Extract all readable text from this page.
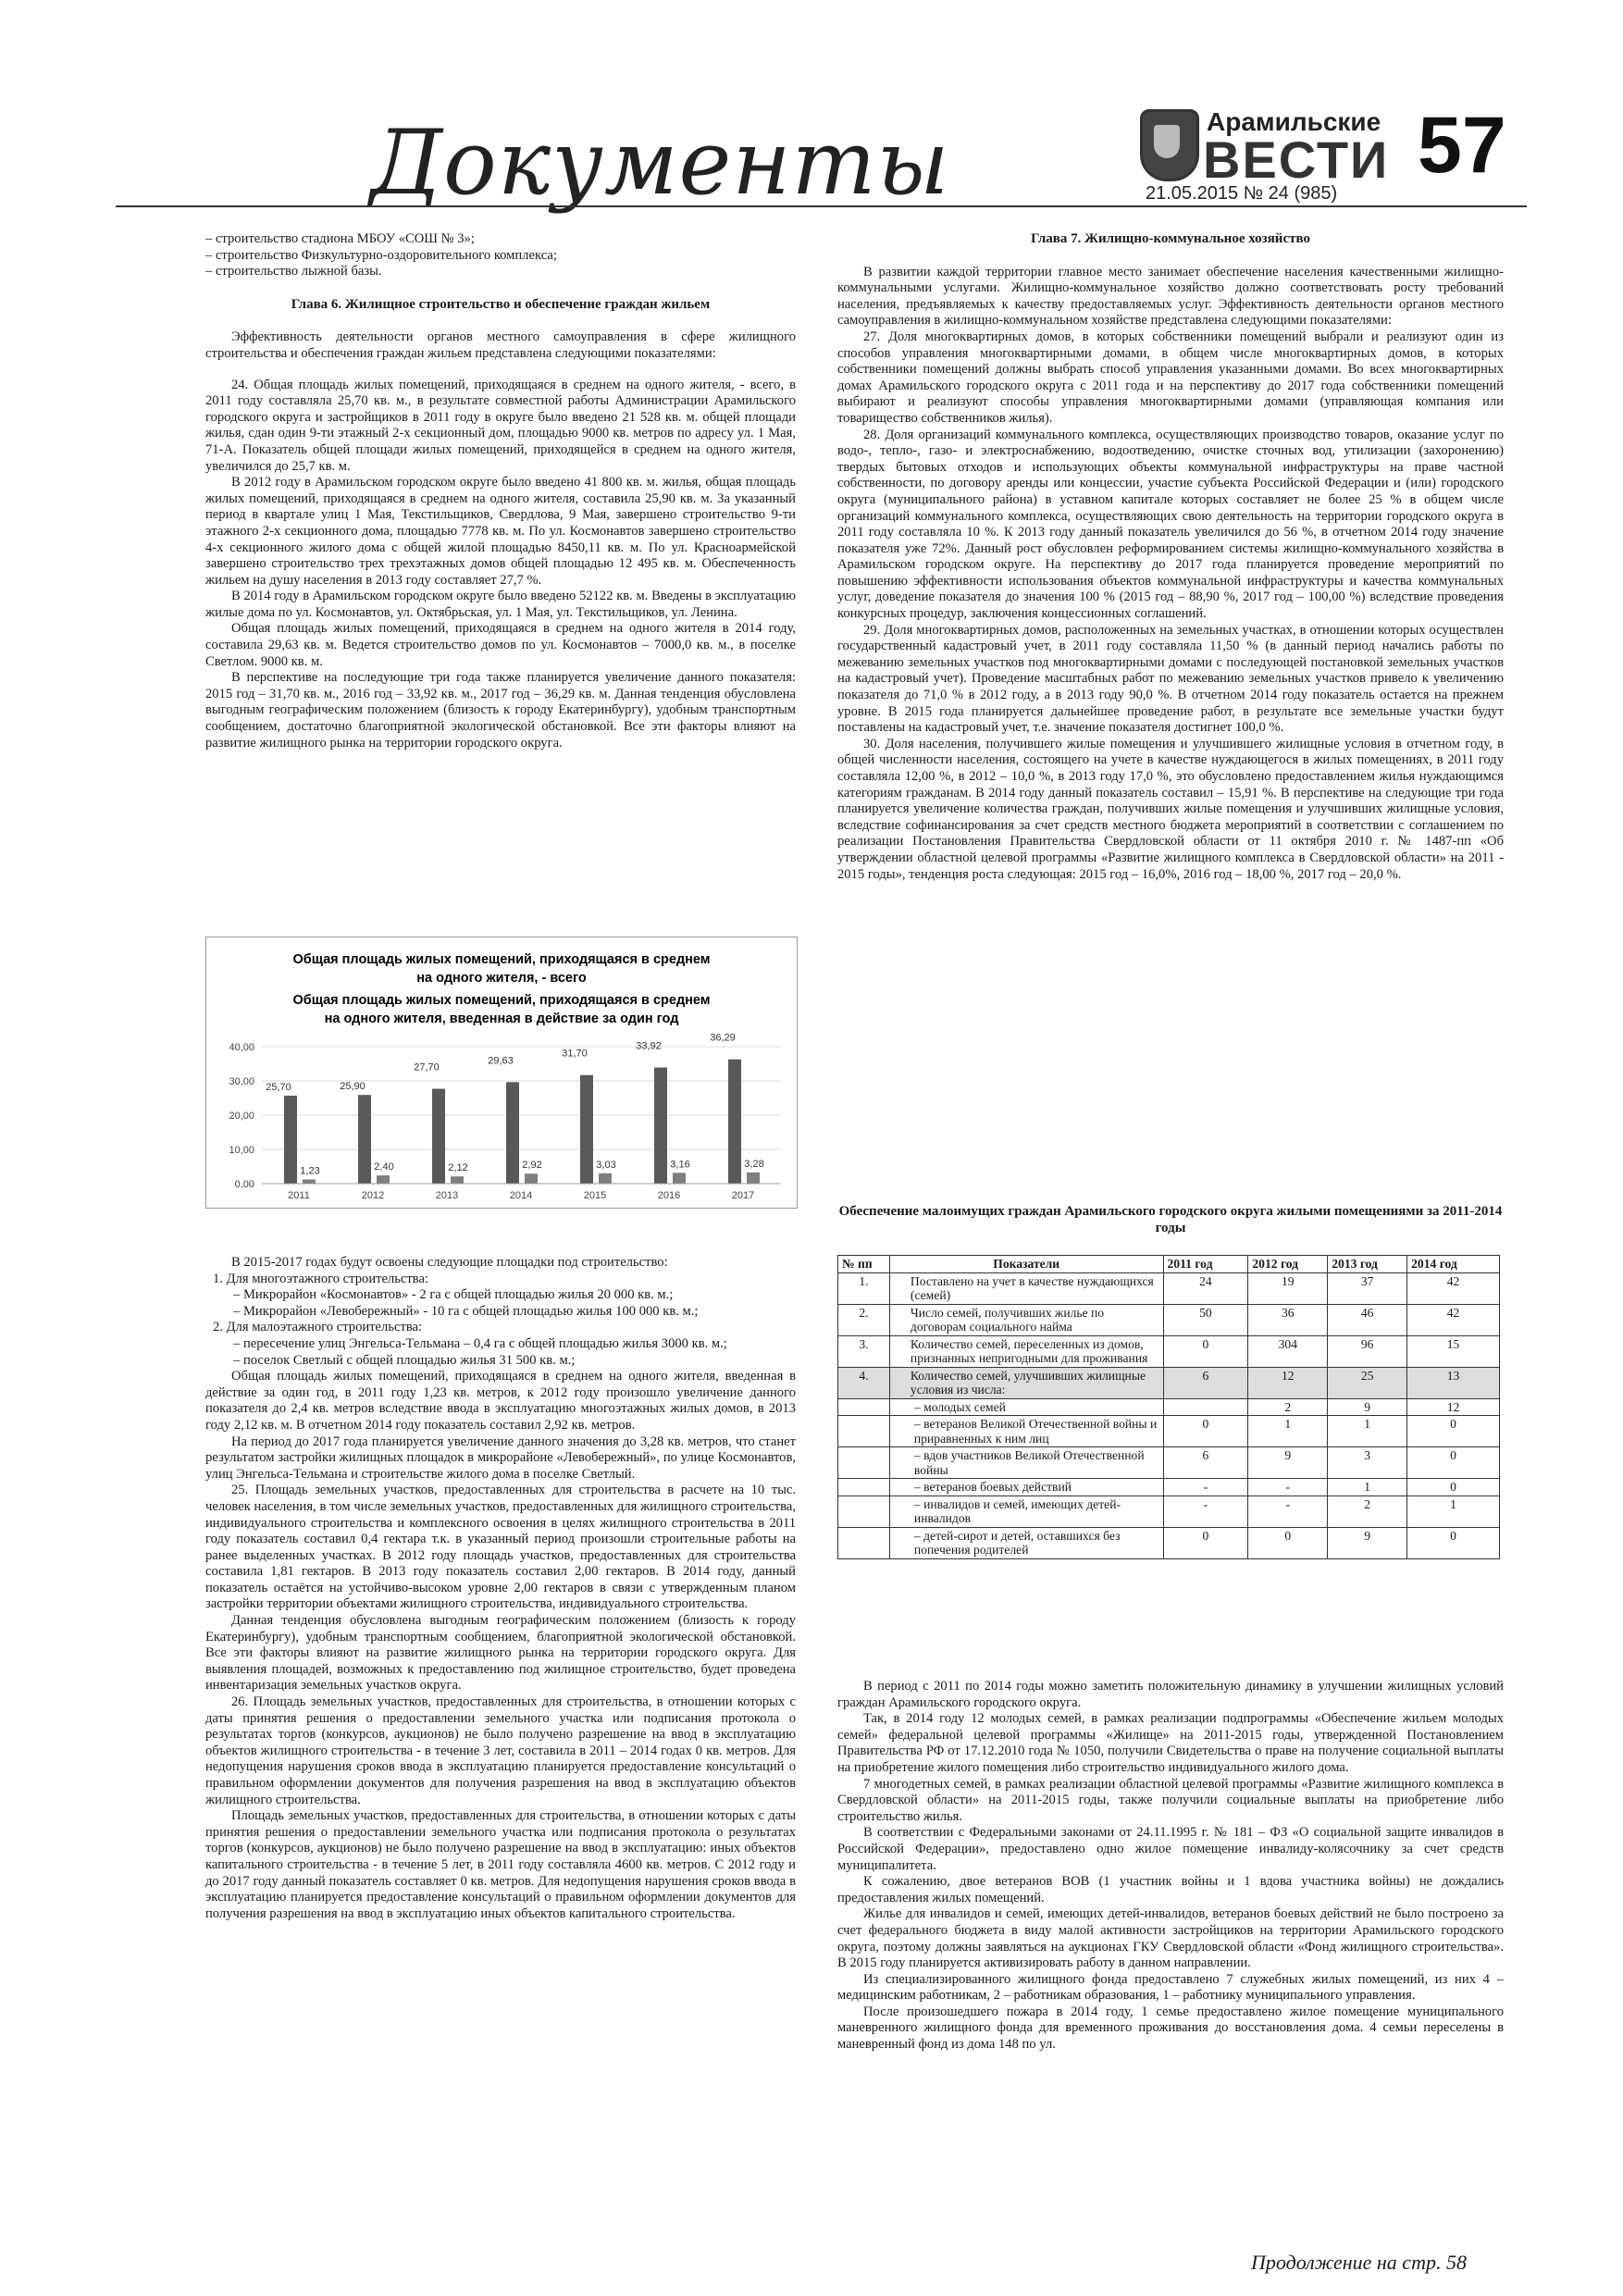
Документы	Арамильские
ВЕСТИ
21.05.2015 № 24 (985)
57

– строительство стадиона МБОУ «СОШ № 3»;

– строительство Физкультурно-оздоровительного комплекса;

– строительство лыжной базы.

Глава 6. Жилищное строительство и обеспечение граждан жильем

Эффективность деятельности органов местного самоуправления в сфере жилищного строительства и обеспечения граждан жильем представлена следующими показателями:

24. Общая площадь жилых помещений, приходящаяся в среднем на одного жителя, - всего, в 2011 году составляла 25,70 кв. м., в результате совместной работы Администрации Арамильского городского округа и застройщиков в 2011 году в округе было введено 21 528 кв. м. общей площади жилья, сдан один 9-ти этажный 2-х секционный дом, площадью 9000 кв. метров по адресу ул. 1 Мая, 71-А. Показатель общей площади жилых помещений, приходящейся в среднем на одного жителя, увеличился до 25,7 кв. м.

В 2012 году в Арамильском городском округе было введено 41 800 кв. м. жилья, общая площадь жилых помещений, приходящаяся в среднем на одного жителя, составила 25,90 кв. м. За указанный период в квартале улиц 1 Мая, Текстильщиков, Свердлова, 9 Мая, завершено строительство 9-ти этажного 2-х секционного дома, площадью 7778 кв. м. По ул. Космонавтов завершено строительство 4-х секционного жилого дома с общей жилой площадью 8450,11 кв. м. По ул. Красноармейской завершено строительство трех трехэтажных домов общей площадью 12 495 кв. м. Обеспеченность жильем на душу населения в 2013 году составляет 27,7 %.

В 2014 году в Арамильском городском округе было введено 52122 кв. м. Введены в эксплуатацию жилые дома по ул. Космонавтов, ул. Октябрьская, ул. 1 Мая, ул. Текстильщиков, ул. Ленина.

Общая площадь жилых помещений, приходящаяся в среднем на одного жителя в 2014 году, составила 29,63 кв. м. Ведется строительство домов по ул. Космонавтов – 7000,0 кв. м., в поселке Светлом. 9000 кв. м.

В перспективе на последующие три года также планируется увеличение данного показателя: 2015 год – 31,70 кв. м., 2016 год – 33,92 кв. м., 2017 год – 36,29 кв. м. Данная тенденция обусловлена выгодным географическим положением (близость к городу Екатеринбургу), удобным транспортным сообщением, достаточно благоприятной экологической обстановкой. Все эти факторы влияют на развитие жилищного рынка на территории городского округа.

Общая площадь жилых помещений, приходящаяся в среднем на одного жителя, - всего
Общая площадь жилых помещений, приходящаяся в среднем на одного жителя, введенная в действие за один год
0,00
10,00
20,00
30,00
40,00
2011
25,70
1,23
2012
25,90
2,40
2013
27,70
2,12
2014
29,63
2,92
2015
31,70
3,03
2016
33,92
3,16
2017
36,29
3,28

В 2015-2017 годах будут освоены следующие площадки под строительство:

1. Для многоэтажного строительства:

– Микрорайон «Космонавтов» - 2 га с общей площадью жилья 20 000 кв. м.;

– Микрорайон «Левобережный» - 10 га с общей площадью жилья 100 000 кв. м.;

2. Для малоэтажного строительства:

– пересечение улиц Энгельса-Тельмана – 0,4 га с общей площадью жилья 3000 кв. м.;

– поселок Светлый с общей площадью жилья 31 500 кв. м.;

Общая площадь жилых помещений, приходящаяся в среднем на одного жителя, введенная в действие за один год, в 2011 году 1,23 кв. метров, к 2012 году произошло увеличение данного показателя до 2,4 кв. метров вследствие ввода в эксплуатацию многоэтажных жилых домов, в 2013 году 2,12 кв. м. В отчетном 2014 году показатель составил 2,92 кв. метров.

На период до 2017 года планируется увеличение данного значения до 3,28 кв. метров, что станет результатом застройки жилищных площадок в микрорайоне «Левобережный», по улице Космонавтов, улиц Энгельса-Тельмана и строительстве жилого дома в поселке Светлый.

25. Площадь земельных участков, предоставленных для строительства в расчете на 10 тыс. человек населения, в том числе земельных участков, предоставленных для жилищного строительства, индивидуального строительства и комплексного освоения в целях жилищного строительства в 2011 году показатель составил 0,4 гектара т.к. в указанный период произошли строительные работы на ранее выделенных участках. В 2012 году площадь участков, предоставленных для строительства составила 1,81 гектаров. В 2013 году показатель составил 2,00 гектаров. В 2014 году, данный показатель остаётся на устойчиво-высоком уровне 2,00 гектаров в связи с утвержденным планом застройки территории объектами жилищного строительства, индивидуального строительства.

Данная тенденция обусловлена выгодным географическим положением (близость к городу Екатеринбургу), удобным транспортным сообщением, благоприятной экологической обстановкой. Все эти факторы влияют на развитие жилищного рынка на территории городского округа. Для выявления площадей, возможных к предоставлению под жилищное строительство, будет проведена инвентаризация земельных участков округа.

26. Площадь земельных участков, предоставленных для строительства, в отношении которых с даты принятия решения о предоставлении земельного участка или подписания протокола о результатах торгов (конкурсов, аукционов) не было получено разрешение на ввод в эксплуатацию объектов жилищного строительства - в течение 3 лет, составила в 2011 – 2014 годах 0 кв. метров. Для недопущения нарушения сроков ввода в эксплуатацию планируется предоставление консультаций о правильном оформлении документов для получения разрешения на ввод в эксплуатацию объектов жилищного строительства.

Площадь земельных участков, предоставленных для строительства, в отношении которых с даты принятия решения о предоставлении земельного участка или подписания протокола о результатах торгов (конкурсов, аукционов) не было получено разрешение на ввод в эксплуатацию: иных объектов капитального строительства - в течение 5 лет, в 2011 году составляла 4600 кв. метров. С 2012 году и до 2017 году данный показатель составляет 0 кв. метров. Для недопущения нарушения сроков ввода в эксплуатацию планируется предоставление консультаций о правильном оформлении документов для получения разрешения на ввод в эксплуатацию иных объектов капитального строительства.

Глава 7. Жилищно-коммунальное хозяйство

В развитии каждой территории главное место занимает обеспечение населения качественными жилищно-коммунальными услугами. Жилищно-коммунальное хозяйство должно соответствовать росту требований населения, предъявляемых к качеству предоставляемых услуг. Эффективность деятельности органов местного самоуправления в жилищно-коммунальном хозяйстве представлена следующими показателями:

27. Доля многоквартирных домов, в которых собственники помещений выбрали и реализуют один из способов управления многоквартирными домами, в общем числе многоквартирных домов, в которых собственники помещений должны выбрать способ управления указанными домами. Во всех многоквартирных домах Арамильского городского округа с 2011 года и на перспективу до 2017 года собственники помещений выбирают и реализуют способы управления многоквартирными домами (управляющая компания или товарищество собственников жилья).

28. Доля организаций коммунального комплекса, осуществляющих производство товаров, оказание услуг по водо-, тепло-, газо- и электроснабжению, водоотведению, очистке сточных вод, утилизации (захоронению) твердых бытовых отходов и использующих объекты коммунальной инфраструктуры на праве частной собственности, по договору аренды или концессии, участие субъекта Российской Федерации и (или) городского округа (муниципального района) в уставном капитале которых составляет не более 25 % в общем числе организаций коммунального комплекса, осуществляющих свою деятельность на территории городского округа в 2011 году составляла 10 %. К 2013 году данный показатель увеличился до 56 %, в отчетном 2014 году значение показателя уже 72%. Данный рост обусловлен реформированием системы жилищно-коммунального хозяйства в Арамильском городском округе. На перспективу до 2017 года планируется проведение мероприятий по повышению эффективности использования объектов коммунальной инфраструктуры и качества коммунальных услуг, доведение показателя до значения 100 % (2015 год – 88,90 %, 2017 год – 100,00 %) вследствие проведения конкурсных процедур, заключения концессионных соглашений.

29. Доля многоквартирных домов, расположенных на земельных участках, в отношении которых осуществлен государственный кадастровый учет, в 2011 году составляла 11,50 % (в данный период начались работы по межеванию земельных участков под многоквартирными домами с последующей постановкой земельных участков на кадастровый учет). Проведение масштабных работ по межеванию земельных участков привело к увеличению показателя до 71,0 % в 2012 году, а в 2013 году 90,0 %. В отчетном 2014 году показатель остается на прежнем уровне. В 2015 года планируется дальнейшее проведение работ, в результате все земельные участки будут поставлены на кадастровый учет, т.е. значение показателя достигнет 100,0 %.

30. Доля населения, получившего жилые помещения и улучшившего жилищные условия в отчетном году, в общей численности населения, состоящего на учете в качестве нуждающегося в жилых помещениях, в 2011 году составляла 12,00 %, в 2012 – 10,0 %, в 2013 году 17,0 %, это обусловлено предоставлением жилья нуждающимся категориям гражданам. В 2014 году данный показатель составил – 15,91 %. В перспективе на следующие три года планируется увеличение количества граждан, получивших жилые помещения и улучшивших жилищные условия, вследствие софинансирования за счет средств местного бюджета мероприятий в соответствии с соглашением по реализации Постановления Правительства Свердловской области от 11 октября 2010 г. № 1487-пп «Об утверждении областной целевой программы «Развитие жилищного комплекса в Свердловской области» на 2011 - 2015 годы», тенденция роста следующая: 2015 год – 16,0%, 2016 год – 18,00 %, 2017 год – 20,0 %.

Обеспечение малоимущих граждан Арамильского городского округа жилыми помещениями за 2011-2014 годы
№ пп	Показатели	2011 год	2012 год	2013 год	2014 год
1.	Поставлено на учет в качестве нуждающихся (семей)	24	19	37	42
2.	Число семей, получивших жилье по договорам социального найма	50	36	46	42
3.	Количество семей, переселенных из домов, признанных непригодными для проживания	0	304	96	15
4.	Количество семей, улучшивших жилищные условия из числа:	6	12	25	13
	– молодых семей		2	9	12
	– ветеранов Великой Отечественной войны и приравненных к ним лиц	0	1	1	0
	– вдов участников Великой Отечественной войны	6	9	3	0
	– ветеранов боевых действий	-	-	1	0
	– инвалидов и семей, имеющих детей-инвалидов	-	-	2	1
	– детей-сирот и детей, оставшихся без попечения родителей	0	0	9	0

В период с 2011 по 2014 годы можно заметить положительную динамику в улучшении жилищных условий граждан Арамильского городского округа.

Так, в 2014 году 12 молодых семей, в рамках реализации подпрограммы «Обеспечение жильем молодых семей» федеральной целевой программы «Жилище» на 2011-2015 годы, утвержденной Постановлением Правительства РФ от 17.12.2010 года № 1050, получили Свидетельства о праве на получение социальной выплаты на приобретение жилого помещения либо строительство индивидуального жилого дома.

7 многодетных семей, в рамках реализации областной целевой программы «Развитие жилищного комплекса в Свердловской области» на 2011-2015 годы, также получили социальные выплаты на приобретение либо строительство жилья.

В соответствии с Федеральными законами от 24.11.1995 г. № 181 – ФЗ «О социальной защите инвалидов в Российской Федерации», предоставлено одно жилое помещение инвалиду-колясочнику за счет средств муниципалитета.

К сожалению, двое ветеранов ВОВ (1 участник войны и 1 вдова участника войны) не дождались предоставления жилых помещений.

Жилье для инвалидов и семей, имеющих детей-инвалидов, ветеранов боевых действий не было построено за счет федерального бюджета в виду малой активности застройщиков на территории Арамильского городского округа, поэтому должны заявляться на аукционах ГКУ Свердловской области «Фонд жилищного строительства». В 2015 году планируется активизировать работу в данном направлении.

Из специализированного жилищного фонда предоставлено 7 служебных жилых помещений, из них 4 – медицинским работникам, 2 – работникам образования, 1 – работнику муниципального управления.

После произошедшего пожара в 2014 году, 1 семье предоставлено жилое помещение муниципального маневренного жилищного фонда для временного проживания до восстановления дома. 4 семьи переселены в маневренный фонд из дома 148 по ул.

Продолжение на стр. 58
